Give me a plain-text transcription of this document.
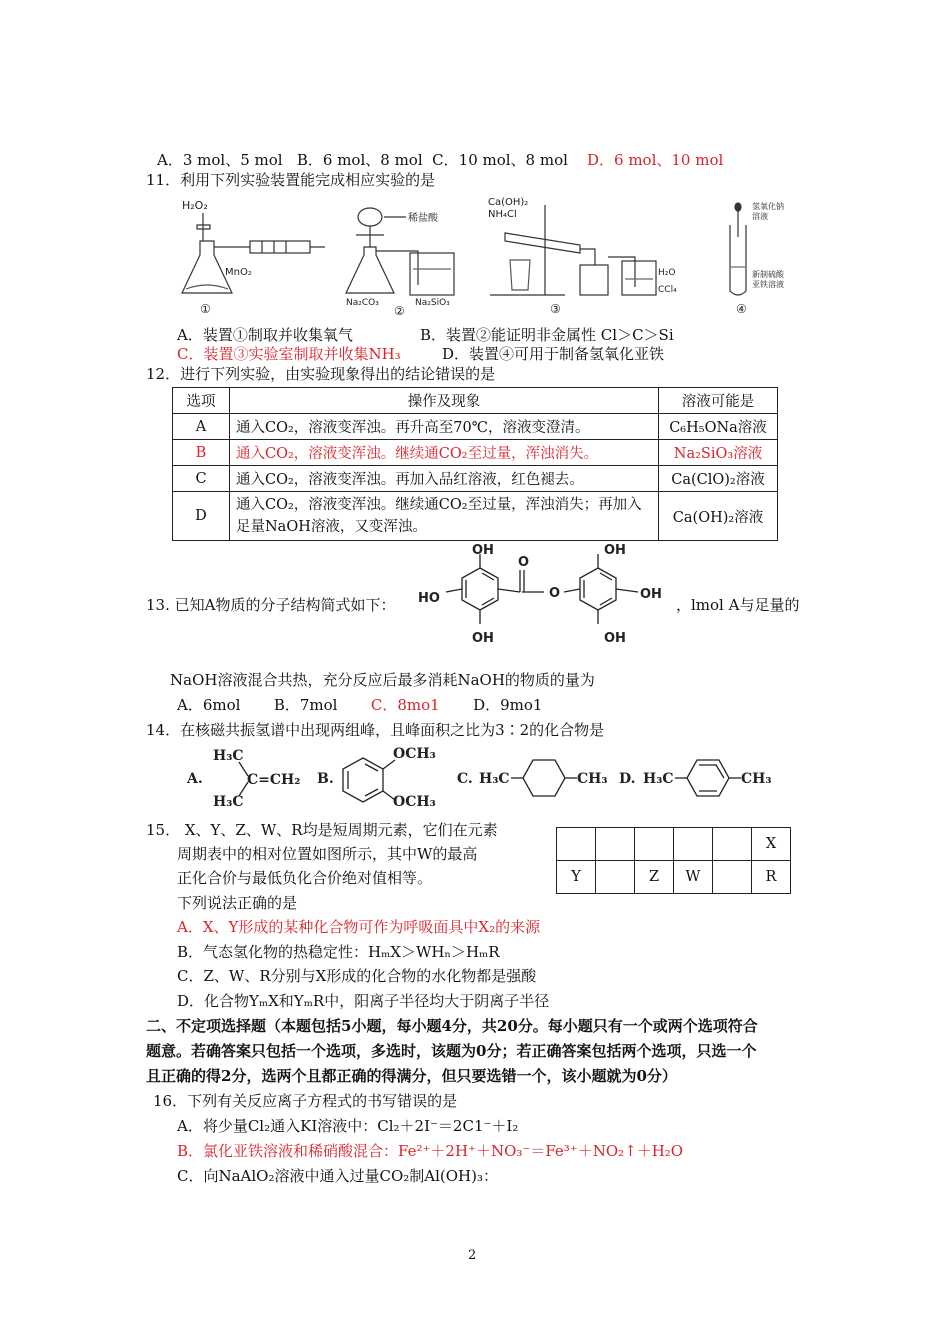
A．3 mol、5 mol B．6 mol、8 mol C．10 mol、8 mol D．6 mol、10 mol
11．利用下列实验装置能完成相应实验的是
H₂O₂
MnO₂
①
稀盐酸
Na₂CO₃	Na₂SiO₃
②
Ca(OH)₂
NH₄Cl
H₂O
CCl₄
③
氢氧化钠
溶液
新制硫酸
亚铁溶液
④
A．装置①制取并收集氧气	B．装置②能证明非金属性 Cl＞C＞Si
C．装置③实验室制取并收集NH₃	D．装置④可用于制备氢氧化亚铁
12．进行下列实验，由实验现象得出的结论错误的是
选项	操作及现象	溶液可能是
A	通入CO₂，溶液变浑浊。再升高至70℃，溶液变澄清。	C₆H₅ONa溶液
B	通入CO₂，溶液变浑浊。继续通CO₂至过量，浑浊消失。	Na₂SiO₃溶液
C	通入CO₂，溶液变浑浊。再加入品红溶液，红色褪去。	Ca(ClO)₂溶液
D	通入CO₂，溶液变浑浊。继续通CO₂至过量，浑浊消失；再加入足量NaOH溶液，又变浑浊。	Ca(OH)₂溶液
13. 已知A物质的分子结构简式如下：
OH
HO
OH
O
O
OH
OH
OH
，lmol A与足量的
NaOH溶液混合共热，充分反应后最多消耗NaOH的物质的量为
A．6mol B．7mol C．8mo1 D．9mo1
14．在核磁共振氢谱中出现两组峰，且峰面积之比为3∶2的化合物是
A.
H₃C
H₃C
C=CH₂ B.
OCH₃
OCH₃
C. H₃C	CH₃ D. H₃C	CH₃
15． X、Y、Z、W、R均是短周期元素，它们在元素
周期表中的相对位置如图所示，其中W的最高
正化合价与最低负化合价绝对值相等。
下列说法正确的是
					X
Y		Z	W		R
A．X、Y形成的某种化合物可作为呼吸面具中X₂的来源
B．气态氢化物的热稳定性：HₘX＞WHₙ＞HₘR
C．Z、W、R分别与X形成的化合物的水化物都是强酸
D．化合物YₘX和YₘR中，阳离子半径均大于阴离子半径
二、不定项选择题（本题包括5小题，每小题4分，共20分。每小题只有一个或两个选项符合
题意。若确答案只包括一个选项，多选时，该题为0分；若正确答案包括两个选项，只选一个
且正确的得2分，选两个且都正确的得满分，但只要选错一个，该小题就为0分）
16．下列有关反应离子方程式的书写错误的是
A．将少量Cl₂通入KI溶液中：Cl₂＋2I⁻＝2C1⁻＋I₂
B．氯化亚铁溶液和稀硝酸混合：Fe²⁺＋2H⁺＋NO₃⁻＝Fe³⁺＋NO₂↑＋H₂O
C．向NaAlO₂溶液中通入过量CO₂制Al(OH)₃：
2
